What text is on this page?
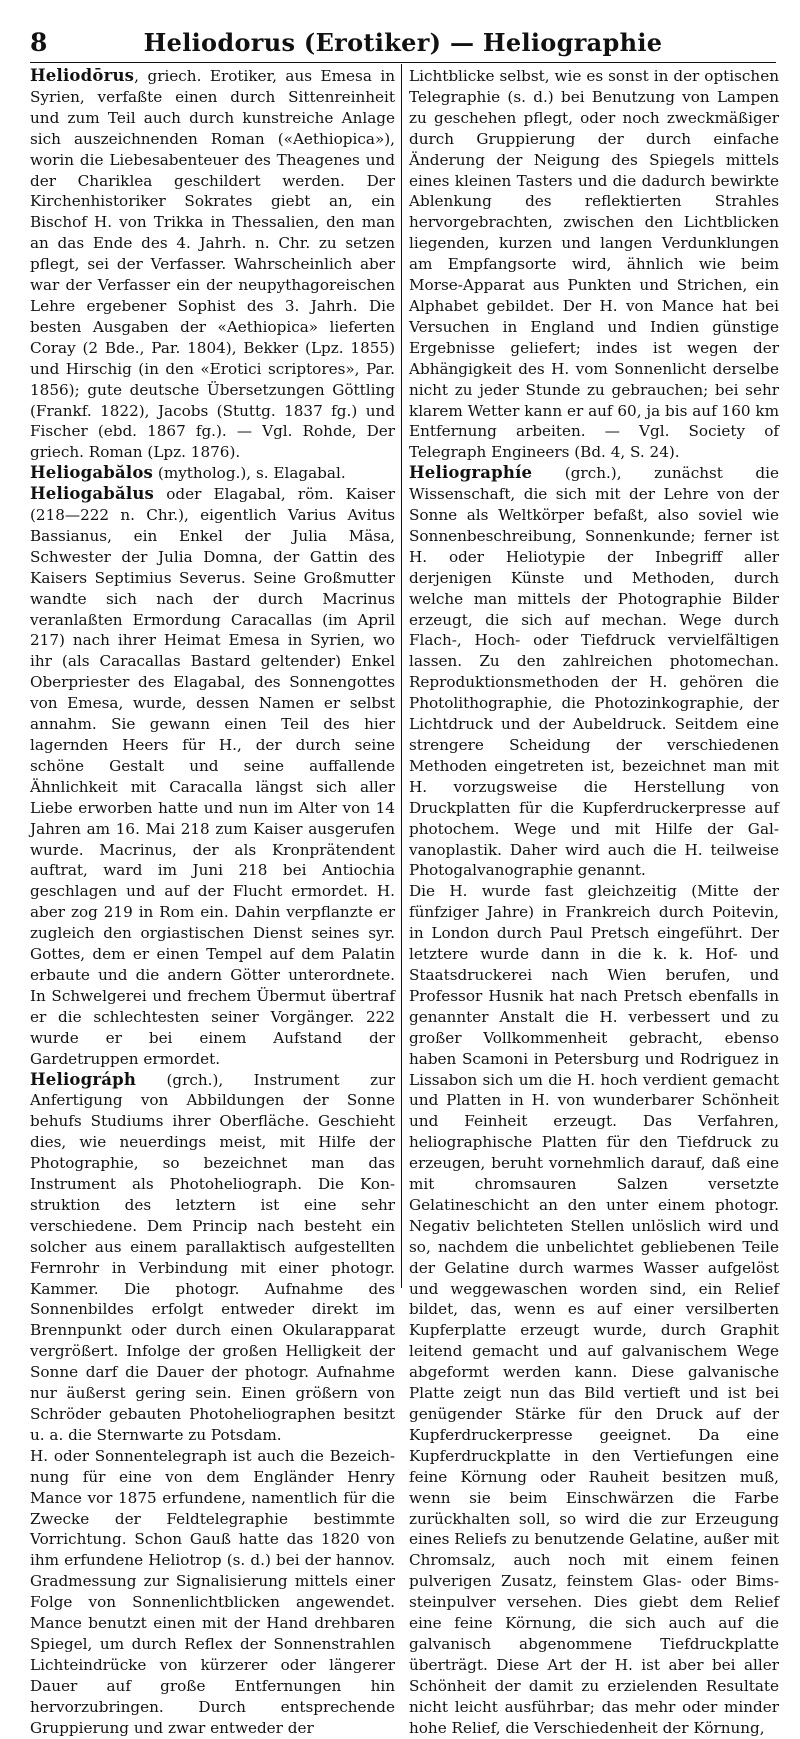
8	Heliodorus (Erotiker) — Heliographie

Heliodōrus, griech. Erotiker, aus Emesa in Syrien, verfaßte einen durch Sittenreinheit und zum Teil auch durch kunstreiche Anlage sich auszeichnenden Roman («Aethiopica»), worin die Liebesabenteuer des Theagenes und der Chariklea geschildert werden. Der Kirchenhistoriker Sokrates giebt an, ein Bischof H. von Trikka in Thessalien, den man an das Ende des 4. Jahrh. n. Chr. zu setzen pflegt, sei der Verfasser. Wahrscheinlich aber war der Verfasser ein der neupythagoreischen Lehre ergebener Sophist des 3. Jahrh. Die besten Ausgaben der «Aethiopica» lieferten Coray (2 Bde., Par. 1804), Bekker (Lpz. 1855) und Hirschig (in den «Erotici scriptores», Par. 1856); gute deutsche Übersetzungen Göttling (Frankf. 1822), Jacobs (Stuttg. 1837 fg.) und Fischer (ebd. 1867 fg.). — Vgl. Rohde, Der griech. Roman (Lpz. 1876).

Heliogabălos (mytholog.), s. Elagabal.

Heliogabălus oder Elagabal, röm. Kaiser (218—222 n. Chr.), eigentlich Varius Avitus Bassianus, ein Enkel der Julia Mäsa, Schwester der Julia Domna, der Gattin des Kaisers Septimius Severus. Seine Großmutter wandte sich nach der durch Macrinus veranlaßten Ermordung Caracallas (im April 217) nach ihrer Heimat Emesa in Syrien, wo ihr (als Caracallas Bastard geltender) Enkel Oberpriester des Elagabal, des Sonnengottes von Emesa, wurde, dessen Namen er selbst annahm. Sie gewann einen Teil des hier lagernden Heers für H., der durch seine schöne Gestalt und seine auffallende Ähnlichkeit mit Caracalla längst sich aller Liebe erworben hatte und nun im Alter von 14 Jahren am 16. Mai 218 zum Kaiser ausgerufen wurde. Macrinus, der als Kronprätendent auftrat, ward im Juni 218 bei Antiochia geschlagen und auf der Flucht ermordet. H. aber zog 219 in Rom ein. Dahin verpflanzte er zugleich den orgiastischen Dienst seines syr. Gottes, dem er einen Tempel auf dem Palatin erbaute und die andern Götter unterordnete. In Schwelgerei und frechem Übermut übertraf er die schlechtesten seiner Vorgänger. 222 wurde er bei einem Aufstand der Gardetruppen ermordet.

Heliográph (grch.), Instrument zur Anfertigung von Abbildungen der Sonne behufs Studiums ihrer Oberfläche. Geschieht dies, wie neuerdings meist, mit Hilfe der Photographie, so bezeichnet man das Instrument als Photoheliograph. Die Konstruktion des letztern ist eine sehr verschiedene. Dem Princip nach besteht ein solcher aus einem parallaktisch aufgestellten Fernrohr in Verbindung mit einer photogr. Kammer. Die photogr. Aufnahme des Sonnenbildes erfolgt entweder direkt im Brennpunkt oder durch einen Okularapparat vergrößert. Infolge der großen Helligkeit der Sonne darf die Dauer der photogr. Aufnahme nur äußerst gering sein. Einen größern von Schröder gebauten Photoheliographen besitzt u. a. die Sternwarte zu Potsdam.

H. oder Sonnentelegraph ist auch die Bezeichnung für eine von dem Engländer Henry Mance vor 1875 erfundene, namentlich für die Zwecke der Feldtelegraphie bestimmte Vorrichtung. Schon Gauß hatte das 1820 von ihm erfundene Heliotrop (s. d.) bei der hannov. Gradmessung zur Signalisierung mittels einer Folge von Sonnenlichtblicken angewendet. Mance benutzt einen mit der Hand drehbaren Spiegel, um durch Reflex der Sonnenstrahlen Lichteindrücke von kürzerer oder längerer Dauer auf große Entfernungen hin hervorzubringen. Durch entsprechende Gruppierung und zwar entweder der

Lichtblicke selbst, wie es sonst in der optischen Telegraphie (s. d.) bei Benutzung von Lampen zu geschehen pflegt, oder noch zweckmäßiger durch Gruppierung der durch einfache Änderung der Neigung des Spiegels mittels eines kleinen Tasters und die dadurch bewirkte Ablenkung des reflektierten Strahles hervorgebrachten, zwischen den Lichtblicken liegenden, kurzen und langen Verdunklungen am Empfangsorte wird, ähnlich wie beim Morse-Apparat aus Punkten und Strichen, ein Alphabet gebildet. Der H. von Mance hat bei Versuchen in England und Indien günstige Ergebnisse geliefert; indes ist wegen der Abhängigkeit des H. vom Sonnenlicht derselbe nicht zu jeder Stunde zu gebrauchen; bei sehr klarem Wetter kann er auf 60, ja bis auf 160 km Entfernung arbeiten. — Vgl. Society of Telegraph Engineers (Bd. 4, S. 24).

Heliographíe (grch.), zunächst die Wissenschaft, die sich mit der Lehre von der Sonne als Weltkörper befaßt, also soviel wie Sonnenbeschreibung, Sonnenkunde; ferner ist H. oder Heliotypie der Inbegriff aller derjenigen Künste und Methoden, durch welche man mittels der Photographie Bilder erzeugt, die sich auf mechan. Wege durch Flach-, Hoch- oder Tiefdruck vervielfältigen lassen. Zu den zahlreichen photomechan. Reproduktionsmethoden der H. gehören die Photolithographie, die Photozinkographie, der Lichtdruck und der Aubeldruck. Seitdem eine strengere Scheidung der verschiedenen Methoden eingetreten ist, bezeichnet man mit H. vorzugsweise die Herstellung von Druckplatten für die Kupferdruckerpresse auf photochem. Wege und mit Hilfe der Galvanoplastik. Daher wird auch die H. teilweise Photogalvanographie genannt.

Die H. wurde fast gleichzeitig (Mitte der fünfziger Jahre) in Frankreich durch Poitevin, in London durch Paul Pretsch eingeführt. Der letztere wurde dann in die k. k. Hof- und Staatsdruckerei nach Wien berufen, und Professor Husnik hat nach Pretsch ebenfalls in genannter Anstalt die H. verbessert und zu großer Vollkommenheit gebracht, ebenso haben Scamoni in Petersburg und Rodriguez in Lissabon sich um die H. hoch verdient gemacht und Platten in H. von wunderbarer Schönheit und Feinheit erzeugt. Das Verfahren, heliographische Platten für den Tiefdruck zu erzeugen, beruht vornehmlich darauf, daß eine mit chromsauren Salzen versetzte Gelatineschicht an den unter einem photogr. Negativ belichteten Stellen unlöslich wird und so, nachdem die unbelichtet gebliebenen Teile der Gelatine durch warmes Wasser aufgelöst und weggewaschen worden sind, ein Relief bildet, das, wenn es auf einer versilberten Kupferplatte erzeugt wurde, durch Graphit leitend gemacht und auf galvanischem Wege abgeformt werden kann. Diese galvanische Platte zeigt nun das Bild vertieft und ist bei genügender Stärke für den Druck auf der Kupferdruckerpresse geeignet. Da eine Kupferdruckplatte in den Vertiefungen eine feine Körnung oder Rauheit besitzen muß, wenn sie beim Einschwärzen die Farbe zurückhalten soll, so wird die zur Erzeugung eines Reliefs zu benutzende Gelatine, außer mit Chromsalz, auch noch mit einem feinen pulverigen Zusatz, feinstem Glas- oder Bimssteinpulver versehen. Dies giebt dem Relief eine feine Körnung, die sich auch auf die galvanisch abgenommene Tiefdruckplatte überträgt. Diese Art der H. ist aber bei aller Schönheit der damit zu erzielenden Resultate nicht leicht ausführbar; das mehr oder minder hohe Relief, die Verschiedenheit der Körnung,
